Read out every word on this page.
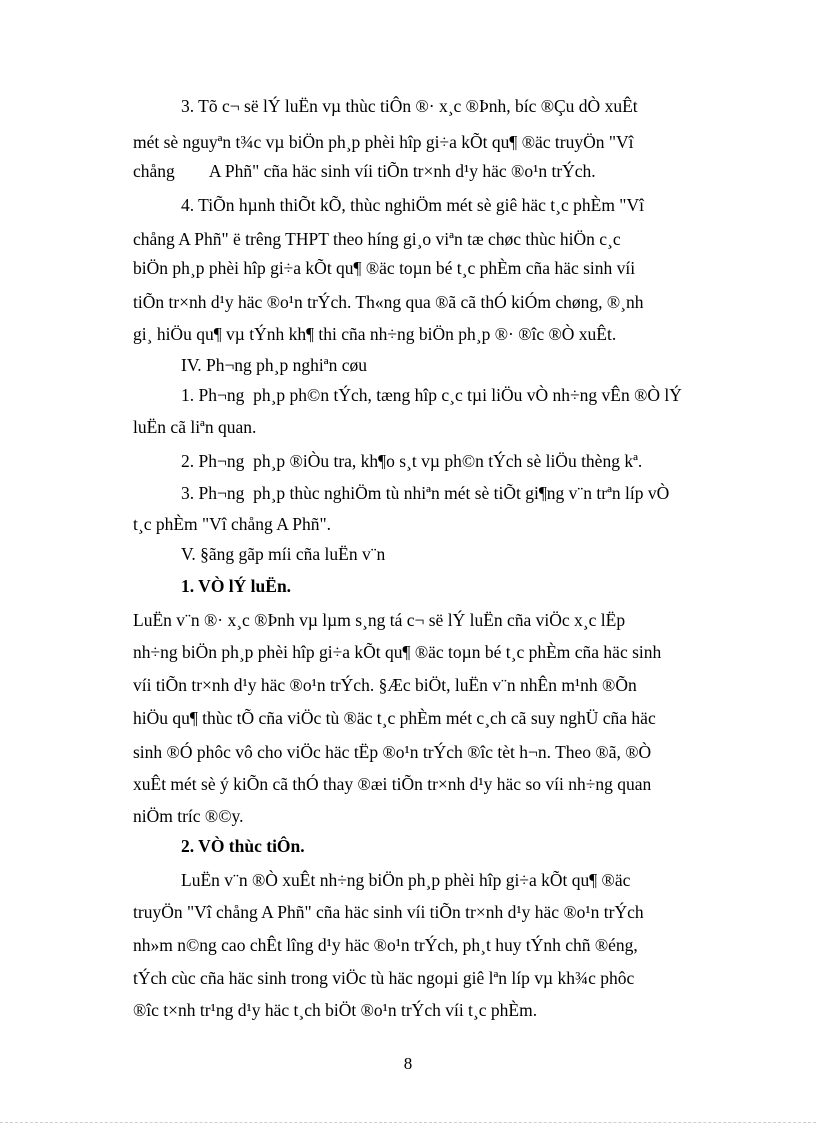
3. Tõ c¬ së lÝ luËn vµ thùc tiÔn ®· x¸c ®Þnh, bíc ®Çu dÒ xuÊt
mét sè nguyªn t¾c vµ biÖn ph¸p phèi hîp gi÷a kÕt qu¶ ®äc truyÖn "Vî
chång        A Phñ" cña häc sinh víi tiÕn tr×nh d¹y häc ®o¹n trÝch.
4. TiÕn hµnh thiÕt kÕ, thùc nghiÖm mét sè giê häc t¸c phÈm "Vî
chång A Phñ" ë trêng THPT theo híng gi¸o viªn tæ chøc thùc hiÖn c¸c
biÖn ph¸p phèi hîp gi÷a kÕt qu¶ ®äc toµn bé t¸c phÈm cña häc sinh víi
tiÕn tr×nh d¹y häc ®o¹n trÝch. Th«ng qua ®ã cã thÓ kiÓm chøng, ®¸nh
gi¸ hiÖu qu¶ vµ tÝnh kh¶ thi cña nh÷ng biÖn ph¸p ®· ®îc ®Ò xuÊt.
IV. Ph¬ng ph¸p nghiªn cøu
1. Ph¬ng  ph¸p ph©n tÝch, tæng hîp c¸c tµi liÖu vÒ nh÷ng vÊn ®Ò lÝ
luËn cã liªn quan.
2. Ph¬ng  ph¸p ®iÒu tra, kh¶o s¸t vµ ph©n tÝch sè liÖu thèng kª.
3. Ph¬ng  ph¸p thùc nghiÖm tù nhiªn mét sè tiÕt gi¶ng v¨n trªn líp vÒ
t¸c phÈm "Vî chång A Phñ".
V. §ãng gãp míi cña luËn v¨n
1. VÒ lÝ luËn.
LuËn v¨n ®· x¸c ®Þnh vµ lµm s¸ng tá c¬ së lÝ luËn cña viÖc x¸c lËp
nh÷ng biÖn ph¸p phèi hîp gi÷a kÕt qu¶ ®äc toµn bé t¸c phÈm cña häc sinh
víi tiÕn tr×nh d¹y häc ®o¹n trÝch. §Æc biÖt, luËn v¨n nhÊn m¹nh ®Õn
hiÖu qu¶ thùc tÕ cña viÖc tù ®äc t¸c phÈm mét c¸ch cã suy nghÜ cña häc
sinh ®Ó phôc vô cho viÖc häc tËp ®o¹n trÝch ®îc tèt h¬n. Theo ®ã, ®Ò
xuÊt mét sè ý kiÕn cã thÓ thay ®æi tiÕn tr×nh d¹y häc so víi nh÷ng quan
niÖm tríc ®©y.
2. VÒ thùc tiÔn.
LuËn v¨n ®Ò xuÊt nh÷ng biÖn ph¸p phèi hîp gi÷a kÕt qu¶ ®äc
truyÖn "Vî chång A Phñ" cña häc sinh víi tiÕn tr×nh d¹y häc ®o¹n trÝch
nh»m n©ng cao chÊt lîng d¹y häc ®o¹n trÝch, ph¸t huy tÝnh chñ ®éng,
tÝch cùc cña häc sinh trong viÖc tù häc ngoµi giê lªn líp vµ kh¾c phôc
®îc t×nh tr¹ng d¹y häc t¸ch biÖt ®o¹n trÝch víi t¸c phÈm.
8
